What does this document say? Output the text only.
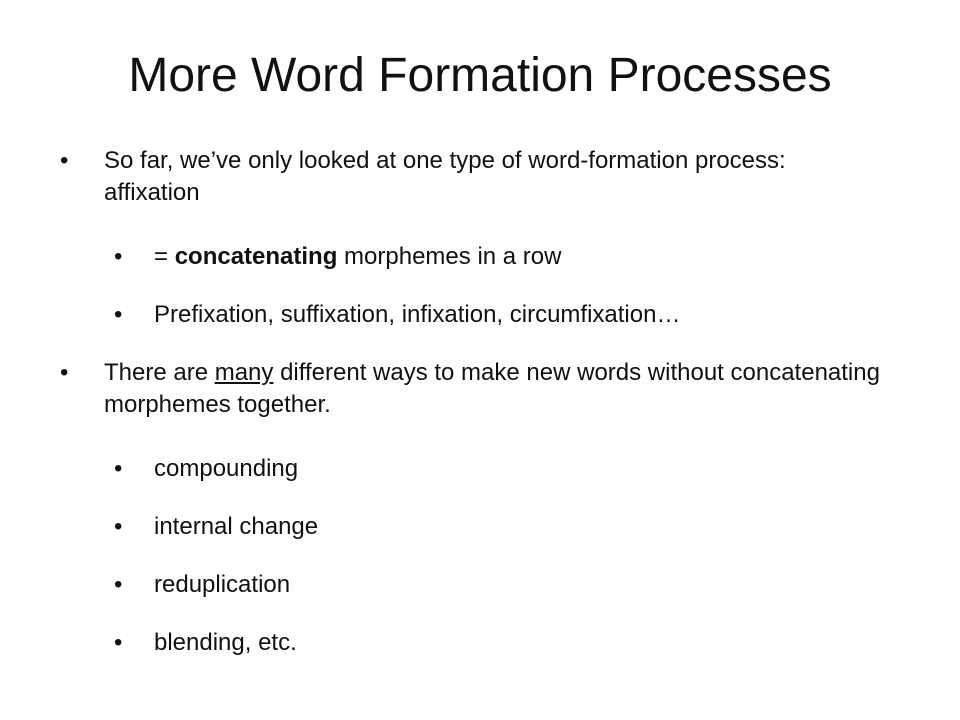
More Word Formation Processes
• So far, we’ve only looked at one type of word-formation process: affixation
• = concatenating morphemes in a row
• Prefixation, suffixation, infixation, circumfixation…
• There are many different ways to make new words without concatenating morphemes together.
• compounding
• internal change
• reduplication
• blending, etc.
